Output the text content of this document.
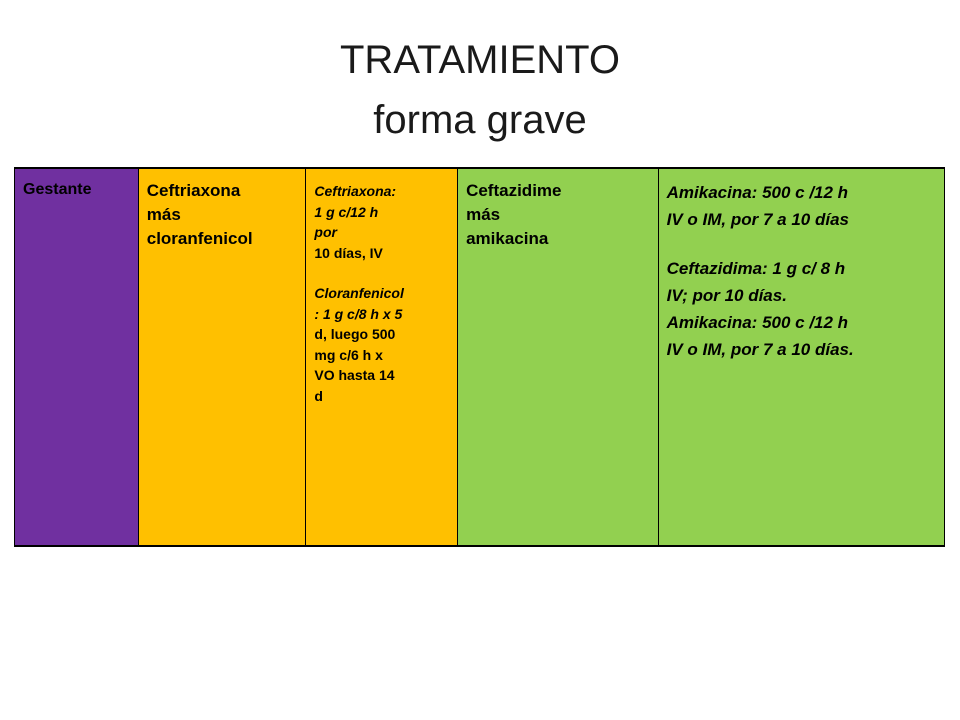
TRATAMIENTO
forma grave
Gestante	Ceftriaxona
más
cloranfenicol
Ceftriaxona:
1 g c/12 h
por
10 días, IV
Cloranfenicol
: 1 g c/8 h x 5
d, luego 500
mg c/6 h x
VO hasta 14
d
Ceftazidime
más
amikacina
Amikacina: 500 c /12 h
IV o IM, por 7 a 10 días
Ceftazidima: 1 g c/ 8 h
IV; por 10 días.
Amikacina: 500 c /12 h
IV o IM, por 7 a 10 días.
